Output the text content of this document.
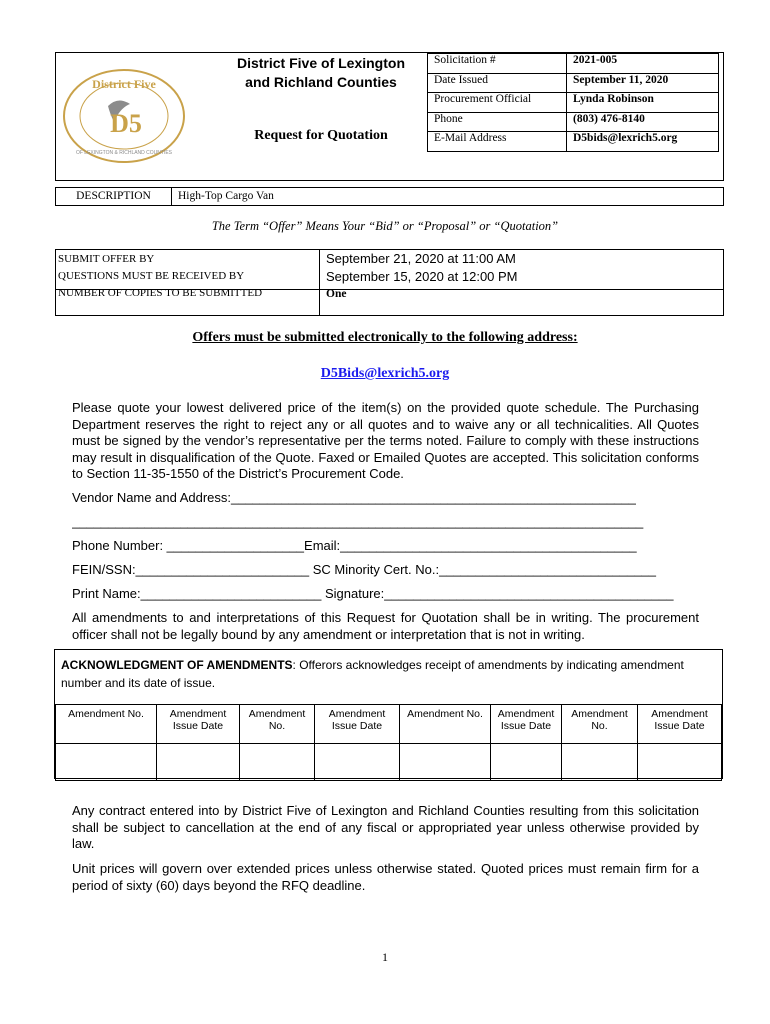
District Five
OF LEXINGTON & RICHLAND COUNTIES
D5
District Five of Lexington
and Richland Counties
Request for Quotation
Solicitation #	2021-005
Date Issued	September 11, 2020
Procurement Official	Lynda Robinson
Phone	(803) 476-8140
E-Mail Address	D5bids@lexrich5.org
DESCRIPTION	High-Top Cargo Van
The Term “Offer” Means Your “Bid” or “Proposal” or “Quotation”
SUBMIT OFFER BY	September 21, 2020 at 11:00 AM
QUESTIONS MUST BE RECEIVED BY	September 15, 2020 at 12:00 PM
NUMBER OF COPIES TO BE SUBMITTED	One
Offers must be submitted electronically to the following address:
D5Bids@lexrich5.org
Please quote your lowest delivered price of the item(s) on the provided quote schedule. The Purchasing Department reserves the right to reject any or all quotes and to waive any or all technicalities. All Quotes must be signed by the vendor’s representative per the terms noted. Failure to comply with these instructions may result in disqualification of the Quote. Faxed or Emailed Quotes are accepted. This solicitation conforms to Section 11-35-1550 of the District’s Procurement Code.
Vendor Name and Address:________________________________________________________
_______________________________________________________________________________
Phone Number: ___________________Email:_________________________________________
FEIN/SSN:________________________ SC Minority Cert. No.:______________________________
Print Name:_________________________ Signature:________________________________________
All amendments to and interpretations of this Request for Quotation shall be in writing. The procurement officer shall not be legally bound by any amendment or interpretation that is not in writing.
ACKNOWLEDGMENT OF AMENDMENTS: Offerors acknowledges receipt of amendments by indicating amendment number and its date of issue.
Amendment No.	Amendment Issue Date	Amendment No.	Amendment Issue Date	Amendment No.	Amendment Issue Date	Amendment No.	Amendment Issue Date

Any contract entered into by District Five of Lexington and Richland Counties resulting from this solicitation shall be subject to cancellation at the end of any fiscal or appropriated year unless otherwise provided by law.
Unit prices will govern over extended prices unless otherwise stated. Quoted prices must remain firm for a period of sixty (60) days beyond the RFQ deadline.
1
